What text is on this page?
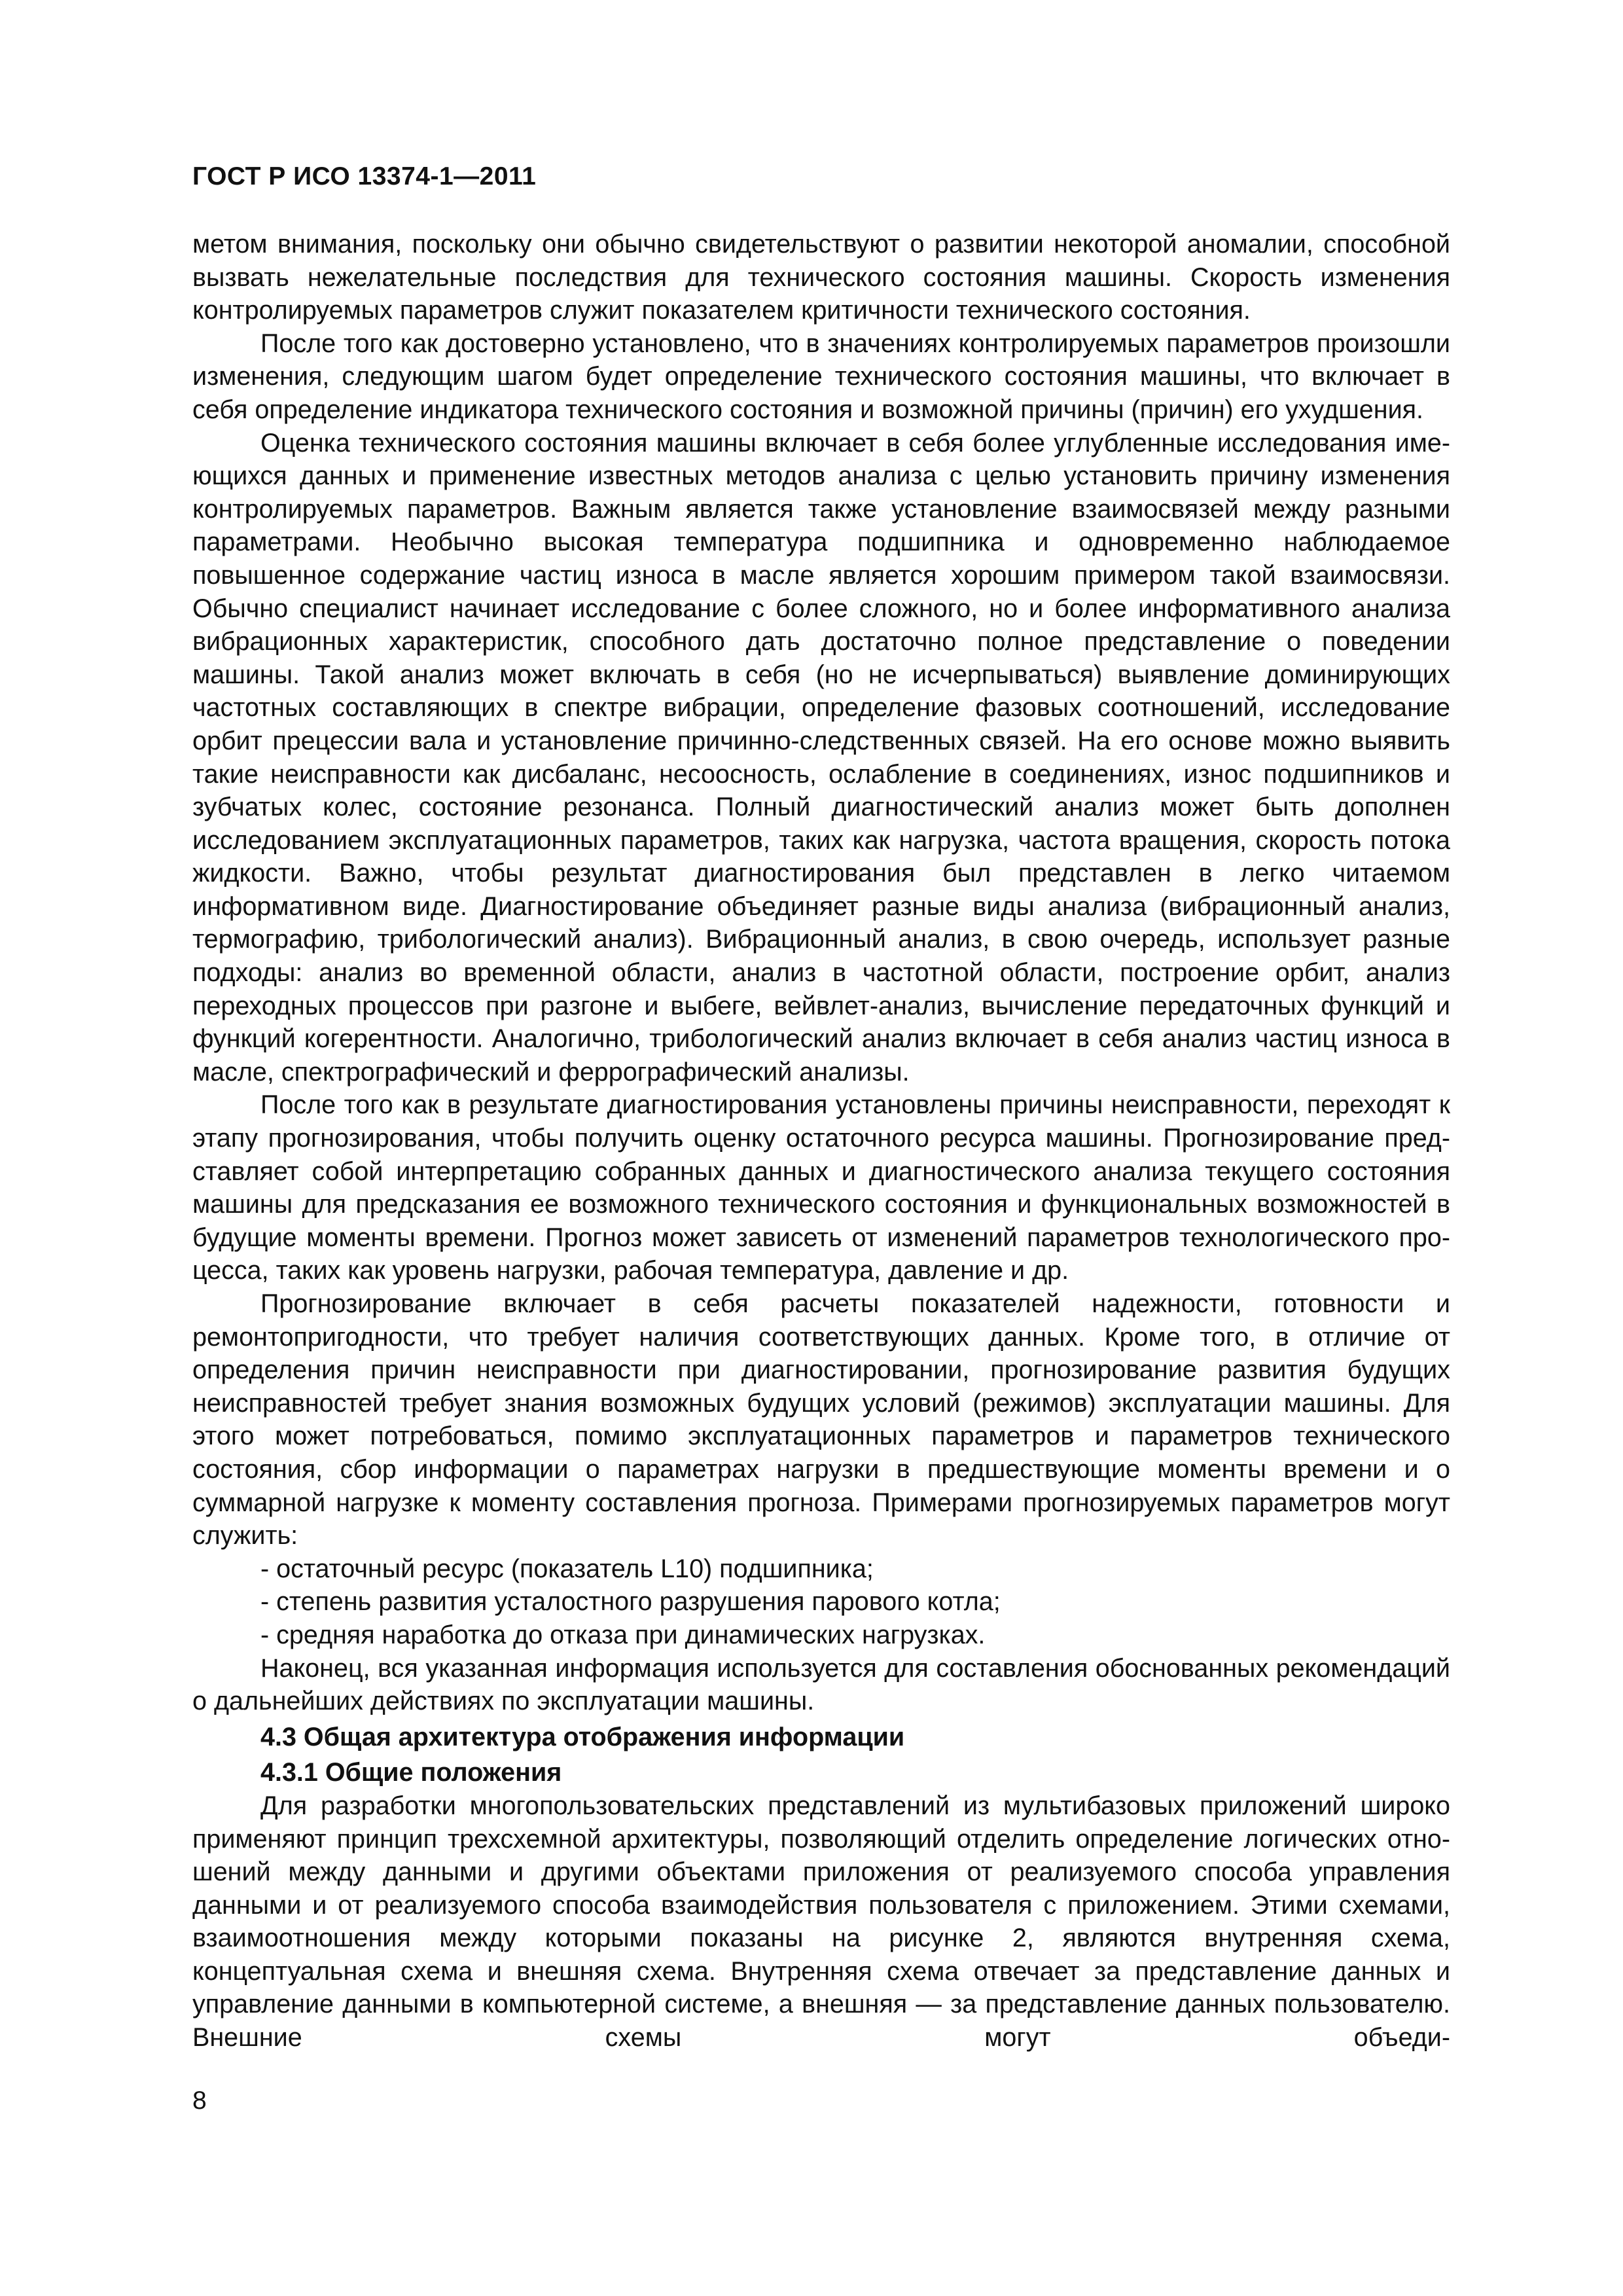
ГОСТ Р ИСО 13374-1—2011

метом внимания, поскольку они обычно свидетельствуют о развитии некоторой аномалии, способной вызвать нежелательные последствия для технического состояния машины. Скорость изменения контролируемых параметров служит показателем критичности технического состояния.

После того как достоверно установлено, что в значениях контролируемых параметров произошли изменения, следующим шагом будет определение технического состояния машины, что включает в себя определение индикатора технического состояния и возможной причины (причин) его ухудшения.

Оценка технического состояния машины включает в себя более углубленные исследования имеющихся данных и применение известных методов анализа с целью установить причину изменения контролируемых параметров. Важным является также установление взаимосвязей между разными параметрами. Необычно высокая температура подшипника и одновременно наблюдаемое повышенное содержание частиц износа в масле является хорошим примером такой взаимосвязи. Обычно специалист начинает исследование с более сложного, но и более информативного анализа вибрационных характеристик, способного дать достаточно полное представление о поведении машины. Такой анализ может включать в себя (но не исчерпываться) выявление доминирующих частотных составляющих в спектре вибрации, определение фазовых соотношений, исследование орбит прецессии вала и установление причинно-следственных связей. На его основе можно выявить такие неисправности как дисбаланс, несоосность, ослабление в соединениях, износ подшипников и зубчатых колес, состояние резонанса. Полный диагностический анализ может быть дополнен исследованием эксплуатационных параметров, таких как нагрузка, частота вращения, скорость потока жидкости. Важно, чтобы результат диагностирования был представлен в легко читаемом информативном виде. Диагностирование объединяет разные виды анализа (вибрационный анализ, термографию, трибологический анализ). Вибрационный анализ, в свою очередь, использует разные подходы: анализ во временной области, анализ в частотной области, построение орбит, анализ переходных процессов при разгоне и выбеге, вейвлет-анализ, вычисление передаточных функций и функций когерентности. Аналогично, трибологический анализ включает в себя анализ частиц износа в масле, спектрографический и феррографический анализы.

После того как в результате диагностирования установлены причины неисправности, переходят к этапу прогнозирования, чтобы получить оценку остаточного ресурса машины. Прогнозирование представляет собой интерпретацию собранных данных и диагностического анализа текущего состояния машины для предсказания ее возможного технического состояния и функциональных возможностей в будущие моменты времени. Прогноз может зависеть от изменений параметров технологического процесса, таких как уровень нагрузки, рабочая температура, давление и др.

Прогнозирование включает в себя расчеты показателей надежности, готовности и ремонтопригодности, что требует наличия соответствующих данных. Кроме того, в отличие от определения причин неисправности при диагностировании, прогнозирование развития будущих неисправностей требует знания возможных будущих условий (режимов) эксплуатации машины. Для этого может потребоваться, помимо эксплуатационных параметров и параметров технического состояния, сбор информации о параметрах нагрузки в предшествующие моменты времени и о суммарной нагрузке к моменту составления прогноза. Примерами прогнозируемых параметров могут служить:

- остаточный ресурс (показатель L10) подшипника;
- степень развития усталостного разрушения парового котла;
- средняя наработка до отказа при динамических нагрузках.

Наконец, вся указанная информация используется для составления обоснованных рекомендаций о дальнейших действиях по эксплуатации машины.

4.3 Общая архитектура отображения информации
4.3.1 Общие положения

Для разработки многопользовательских представлений из мультибазовых приложений широко применяют принцип трехсхемной архитектуры, позволяющий отделить определение логических отношений между данными и другими объектами приложения от реализуемого способа управления данными и от реализуемого способа взаимодействия пользователя с приложением. Этими схемами, взаимоотношения между которыми показаны на рисунке 2, являются внутренняя схема, концептуальная схема и внешняя схема. Внутренняя схема отвечает за представление данных и управление данными в компьютерной системе, а внешняя — за представление данных пользователю. Внешние схемы могут объеди-

8
